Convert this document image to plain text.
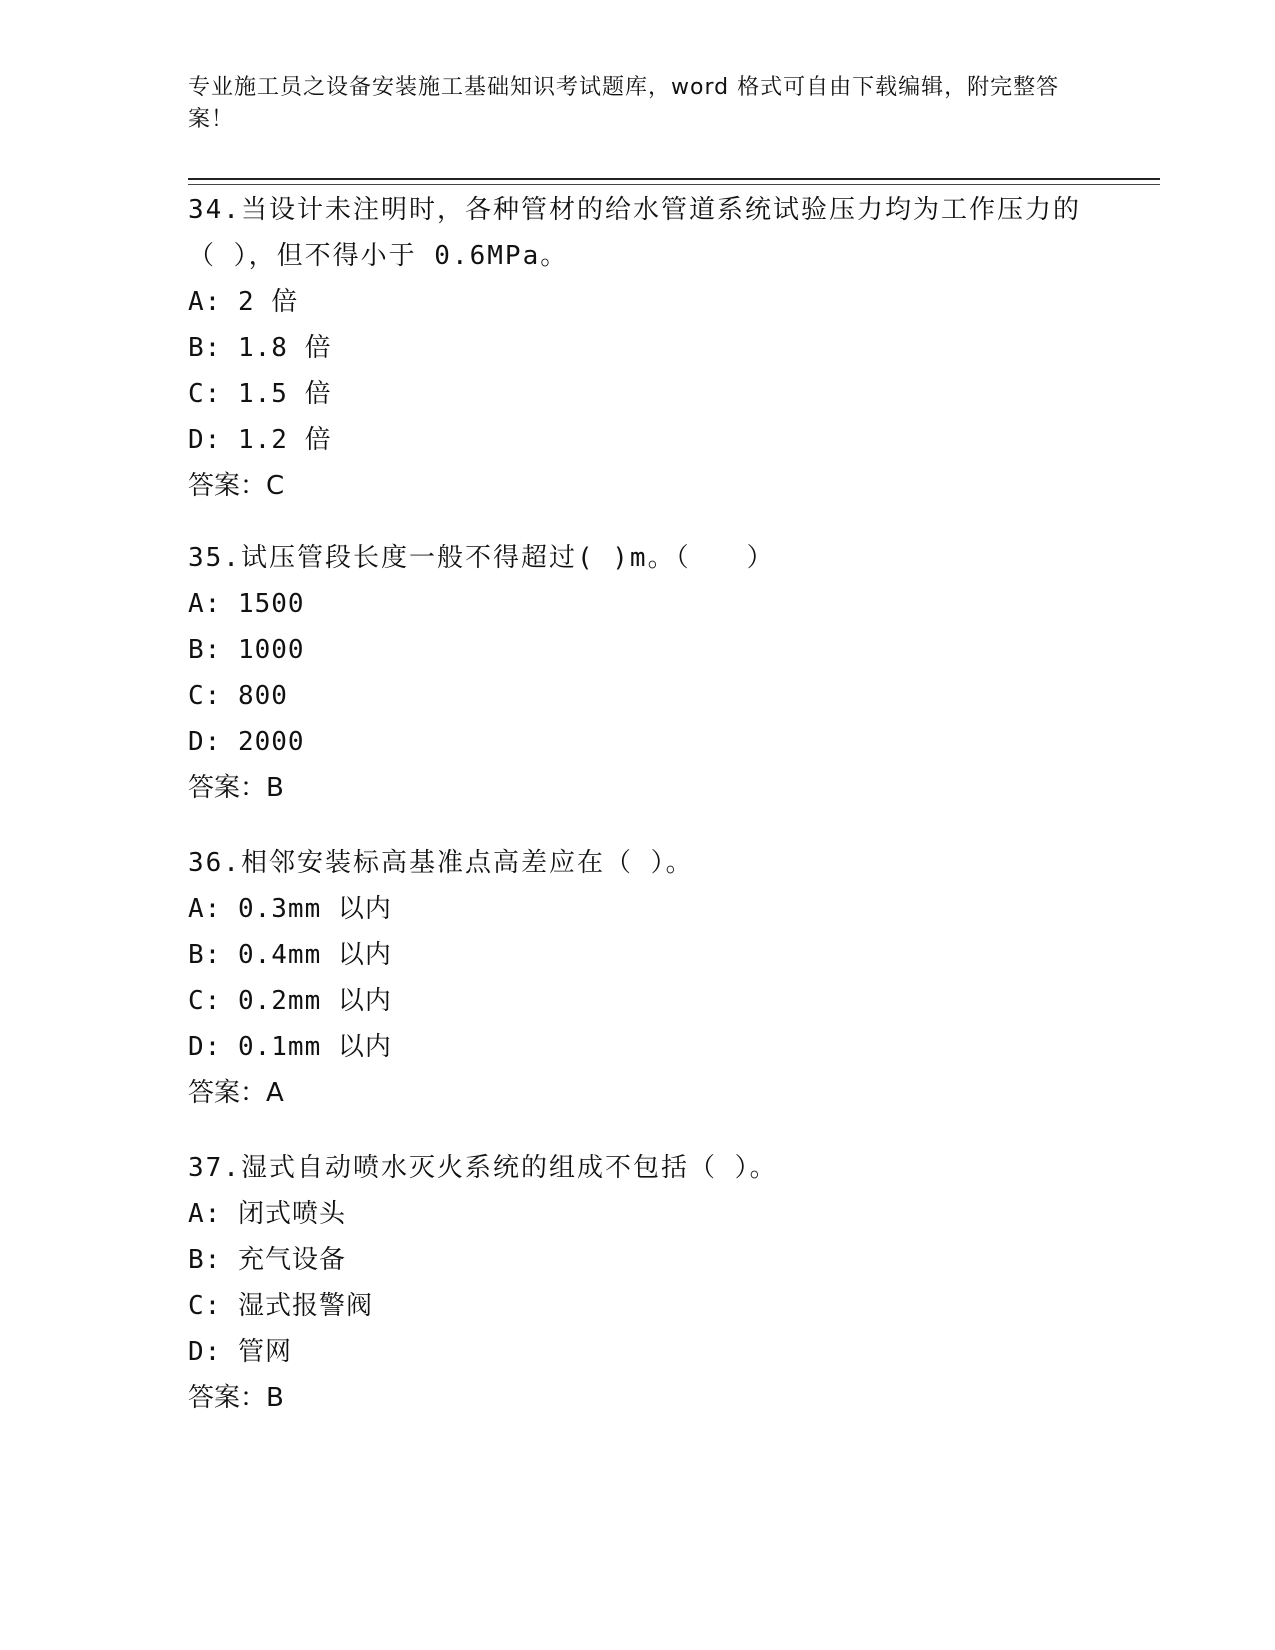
专业施工员之设备安装施工基础知识考试题库，word 格式可自由下载编辑，附完整答案！

34.当设计未注明时，各种管材的给水管道系统试验压力均为工作压力的（ ），但不得小于 0.6MPa。

A: 2 倍

B: 1.8 倍

C: 1.5 倍

D: 1.2 倍

答案：C

35.试压管段长度一般不得超过( )m。（　　）

A: 1500

B: 1000

C: 800

D: 2000

答案：B

36.相邻安装标高基准点高差应在（ ）。

A: 0.3mm 以内

B: 0.4mm 以内

C: 0.2mm 以内

D: 0.1mm 以内

答案：A

37.湿式自动喷水灭火系统的组成不包括（ ）。

A: 闭式喷头

B: 充气设备

C: 湿式报警阀

D: 管网

答案：B
